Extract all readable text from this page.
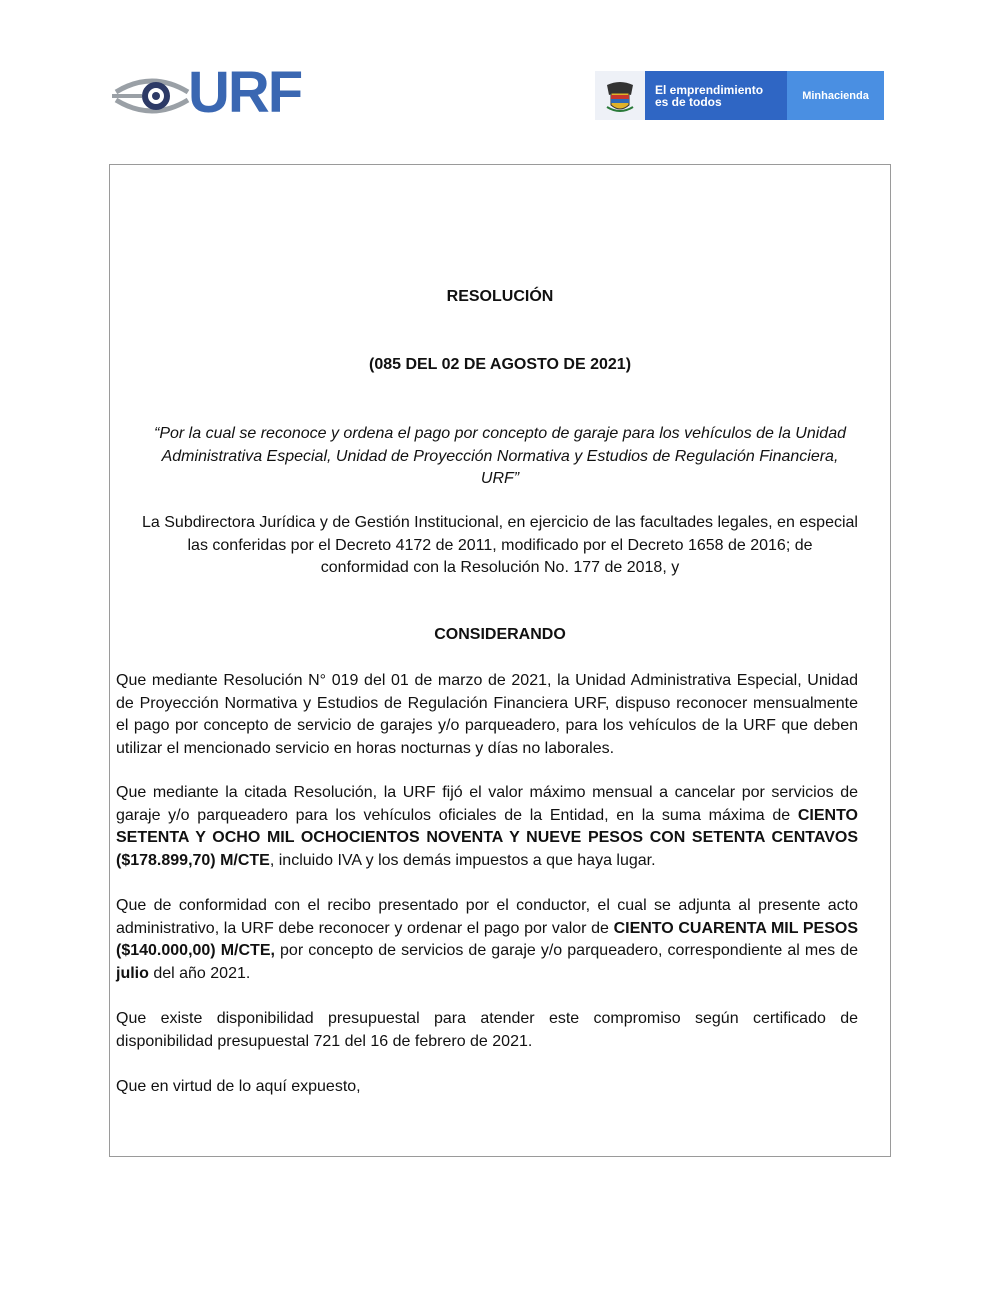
URF	El emprendimiento
es de todos	Minhacienda
RESOLUCIÓN
(085 DEL 02 DE AGOSTO DE 2021)
“Por la cual se reconoce y ordena el pago por concepto de garaje para los vehículos de la Unidad
Administrativa Especial, Unidad de Proyección Normativa y Estudios de Regulación Financiera,
URF”
La Subdirectora Jurídica y de Gestión Institucional, en ejercicio de las facultades legales, en especial
las conferidas por el Decreto 4172 de 2011, modificado por el Decreto 1658 de 2016; de
conformidad con la Resolución No. 177 de 2018, y
CONSIDERANDO
Que mediante Resolución N° 019 del 01 de marzo de 2021, la Unidad Administrativa Especial, Unidad de Proyección Normativa y Estudios de Regulación Financiera URF, dispuso reconocer mensualmente el pago por concepto de servicio de garajes y/o parqueadero, para los vehículos de la URF que deben utilizar el mencionado servicio en horas nocturnas y días no laborales.
Que mediante la citada Resolución, la URF fijó el valor máximo mensual a cancelar por servicios de garaje y/o parqueadero para los vehículos oficiales de la Entidad, en la suma máxima de CIENTO SETENTA Y OCHO MIL OCHOCIENTOS NOVENTA Y NUEVE PESOS CON SETENTA CENTAVOS ($178.899,70) M/CTE, incluido IVA y los demás impuestos a que haya lugar.
Que de conformidad con el recibo presentado por el conductor, el cual se adjunta al presente acto administrativo, la URF debe reconocer y ordenar el pago por valor de CIENTO CUARENTA MIL PESOS ($140.000,00) M/CTE, por concepto de servicios de garaje y/o parqueadero, correspondiente al mes de julio del año 2021.
Que existe disponibilidad presupuestal para atender este compromiso según certificado de disponibilidad presupuestal 721 del 16 de febrero de 2021.
Que en virtud de lo aquí expuesto,
